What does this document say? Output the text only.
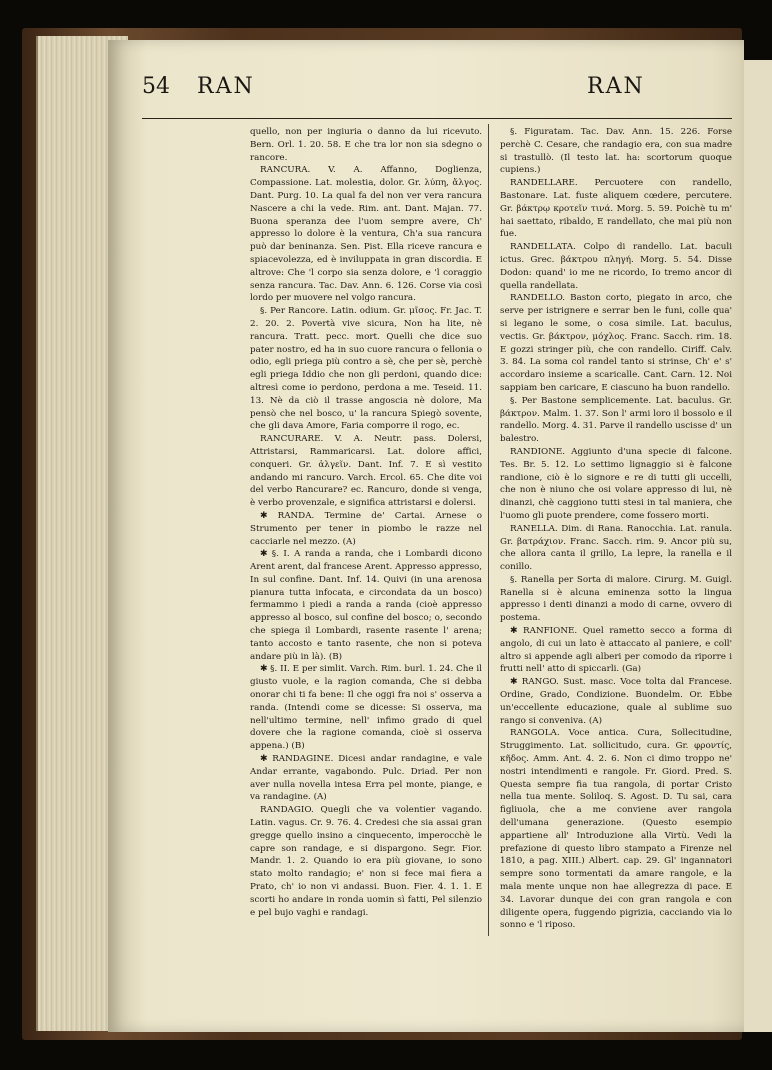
54 RAN	RAN

quello, non per ingiuria o danno da lui ricevuto. Bern. Orl. 1. 20. 58. E che tra lor non sia sdegno o rancore.

RANCURA. V. A. Affanno, Doglienza, Compassione. Lat. molestia, dolor. Gr. λύπη, ἄλγος. Dant. Purg. 10. La qual fa del non ver vera rancura Nascere a chi la vede. Rim. ant. Dant. Majan. 77. Buona speranza dee l'uom sempre avere, Ch' appresso lo dolore è la ventura, Ch'a sua rancura può dar beninanza. Sen. Pist. Ella riceve rancura e spiacevolezza, ed è inviluppata in gran discordia. E altrove: Che 'l corpo sia senza dolore, e 'l coraggio senza rancura. Tac. Dav. Ann. 6. 126. Corse via così lordo per muovere nel volgo rancura.

§. Per Rancore. Latin. odium. Gr. μῖσος. Fr. Jac. T. 2. 20. 2. Povertà vive sicura, Non ha lite, nè rancura. Tratt. pecc. mort. Quelli che dice suo pater nostro, ed ha in suo cuore rancura o fellonia o odio, egli priega più contro a sè, che per sè, perchè egli priega Iddio che non gli perdoni, quando dice: altresì come io perdono, perdona a me. Teseid. 11. 13. Nè da ciò il trasse angoscia nè dolore, Ma pensò che nel bosco, u' la rancura Spiegò sovente, che gli dava Amore, Faria comporre il rogo, ec.

RANCURARE. V. A. Neutr. pass. Dolersi, Attristarsi, Rammaricarsi. Lat. dolore affici, conqueri. Gr. ἀλγεῖν. Dant. Inf. 7. E sì vestito andando mi rancuro. Varch. Ercol. 65. Che dite voi del verbo Rancurare? ec. Rancuro, donde si venga, è verbo provenzale, e significa attristarsi e dolersi.

✱ RANDA. Termine de' Cartai. Arnese o Strumento per tener in piombo le razze nel cacciarle nel mezzo. (A)

✱ §. I. A randa a randa, che i Lombardi dicono Arent arent, dal francese Arent. Appresso appresso, In sul confine. Dant. Inf. 14. Quivi (in una arenosa pianura tutta infocata, e circondata da un bosco) fermammo i piedi a randa a randa (cioè appresso appresso al bosco, sul confine del bosco; o, secondo che spiega il Lombardi, rasente rasente l' arena; tanto accosto e tanto rasente, che non si poteva andare più in là). (B)

✱ §. II. E per simlit. Varch. Rim. burl. 1. 24. Che il giusto vuole, e la ragion comanda, Che si debba onorar chi ti fa bene: Il che oggi fra noi s' osserva a randa. (Intendi come se dicesse: Si osserva, ma nell'ultimo termine, nell' infimo grado di quel dovere che la ragione comanda, cioè si osserva appena.) (B)

✱ RANDAGINE. Dicesi andar randagine, e vale Andar errante, vagabondo. Pulc. Driad. Per non aver nulla novella intesa Erra pel monte, piange, e va randagine. (A)

RANDAGIO. Quegli che va volentier vagando. Latin. vagus. Cr. 9. 76. 4. Credesi che sia assai gran gregge quello insino a cinquecento, imperocchè le capre son randage, e si dispargono. Segr. Fior. Mandr. 1. 2. Quando io era più giovane, io sono stato molto randagio; e' non si fece mai fiera a Prato, ch' io non vi andassi. Buon. Fier. 4. 1. 1. E scorti ho andare in ronda uomin sì fatti, Pel silenzio e pel bujo vaghi e randagi.

§. Figuratam. Tac. Dav. Ann. 15. 226. Forse perchè C. Cesare, che randagio era, con sua madre si trastullò. (Il testo lat. ha: scortorum quoque cupiens.)

RANDELLARE. Percuotere con randello, Bastonare. Lat. fuste aliquem cœdere, percutere. Gr. βάκτρῳ κροτεῖν τινά. Morg. 5. 59. Poichè tu m' hai saettato, ribaldo, E randellato, che mai più non fue.

RANDELLATA. Colpo di randello. Lat. baculi ictus. Grec. βάκτρου πληγή. Morg. 5. 54. Disse Dodon: quand' io me ne ricordo, Io tremo ancor di quella randellata.

RANDELLO. Baston corto, piegato in arco, che serve per istrignere e serrar ben le funi, colle qua' si legano le some, o cosa simile. Lat. baculus, vectis. Gr. βάκτρον, μόχλος. Franc. Sacch. rim. 18. E gozzi stringer più, che con randello. Ciriff. Calv. 3. 84. La soma col randel tanto si strinse, Ch' e' s' accordaro insieme a scaricalle. Cant. Carn. 12. Noi sappiam ben caricare, E ciascuno ha buon randello.

§. Per Bastone semplicemente. Lat. baculus. Gr. βάκτρον. Malm. 1. 37. Son l' armi loro il bossolo e il randello. Morg. 4. 31. Parve il randello uscisse d' un balestro.

RANDIONE. Aggiunto d'una specie di falcone. Tes. Br. 5. 12. Lo settimo lignaggio si è falcone randione, ciò è lo signore e re di tutti gli uccelli, che non è niuno che osi volare appresso di lui, nè dinanzi, chè caggiono tutti stesi in tal maniera, che l'uomo gli puote prendere, come fossero morti.

RANELLA. Dim. di Rana. Ranocchia. Lat. ranula. Gr. βατράχιον. Franc. Sacch. rim. 9. Ancor più su, che allora canta il grillo, La lepre, la ranella e il conillo.

§. Ranella per Sorta di malore. Cirurg. M. Guigl. Ranella si è alcuna eminenza sotto la lingua appresso i denti dinanzi a modo di carne, ovvero di postema.

✱ RANFIONE. Quel rametto secco a forma di angolo, di cui un lato è attaccato al paniere, e coll' altro si appende agli alberi per comodo da riporre i frutti nell' atto di spiccarli. (Ga)

✱ RANGO. Sust. masc. Voce tolta dal Francese. Ordine, Grado, Condizione. Buondelm. Or. Ebbe un'eccellente educazione, quale al sublime suo rango si conveniva. (A)

RANGOLA. Voce antica. Cura, Sollecitudine, Struggimento. Lat. sollicitudo, cura. Gr. φροντίς, κῆδος. Amm. Ant. 4. 2. 6. Non ci dimo troppo ne' nostri intendimenti e rangole. Fr. Giord. Pred. S. Questa sempre fia tua rangola, di portar Cristo nella tua mente. Soliloq. S. Agost. D. Tu sai, cara figliuola, che a me conviene aver rangola dell'umana generazione. (Questo esempio appartiene all' Introduzione alla Virtù. Vedi la prefazione di questo libro stampato a Firenze nel 1810, a pag. XIII.) Albert. cap. 29. Gl' ingannatori sempre sono tormentati da amare rangole, e la mala mente unque non hae allegrezza di pace. E 34. Lavorar dunque dei con gran rangola e con diligente opera, fuggendo pigrizia, cacciando via lo sonno e 'l riposo.
